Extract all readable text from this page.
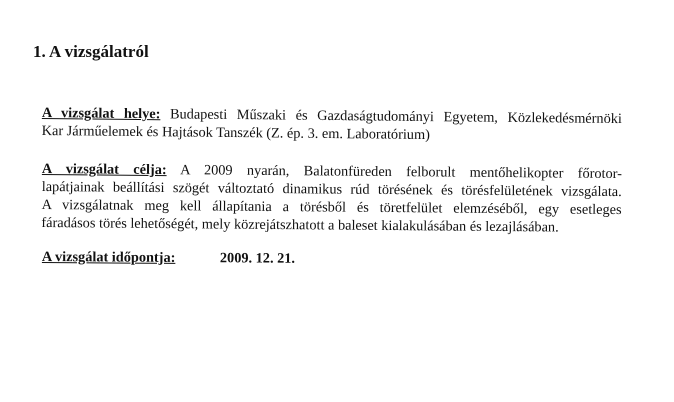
1. A vizsgálatról

A vizsgálat helye: Budapesti Műszaki és Gazdaságtudományi Egyetem, Közlekedésmérnöki
Kar Járműelemek és Hajtások Tanszék (Z. ép. 3. em. Laboratórium)

A vizsgálat célja: A 2009 nyarán, Balatonfüreden felborult mentőhelikopter főrotor-
lapátjainak beállítási szögét változtató dinamikus rúd törésének és törésfelületének vizsgálata.
A vizsgálatnak meg kell állapítania a törésből és töretfelület elemzéséből, egy esetleges
fáradásos törés lehetőségét, mely közrejátszhatott a baleset kialakulásában és lezajlásában.

A vizsgálat időpontja:	2009. 12. 21.
